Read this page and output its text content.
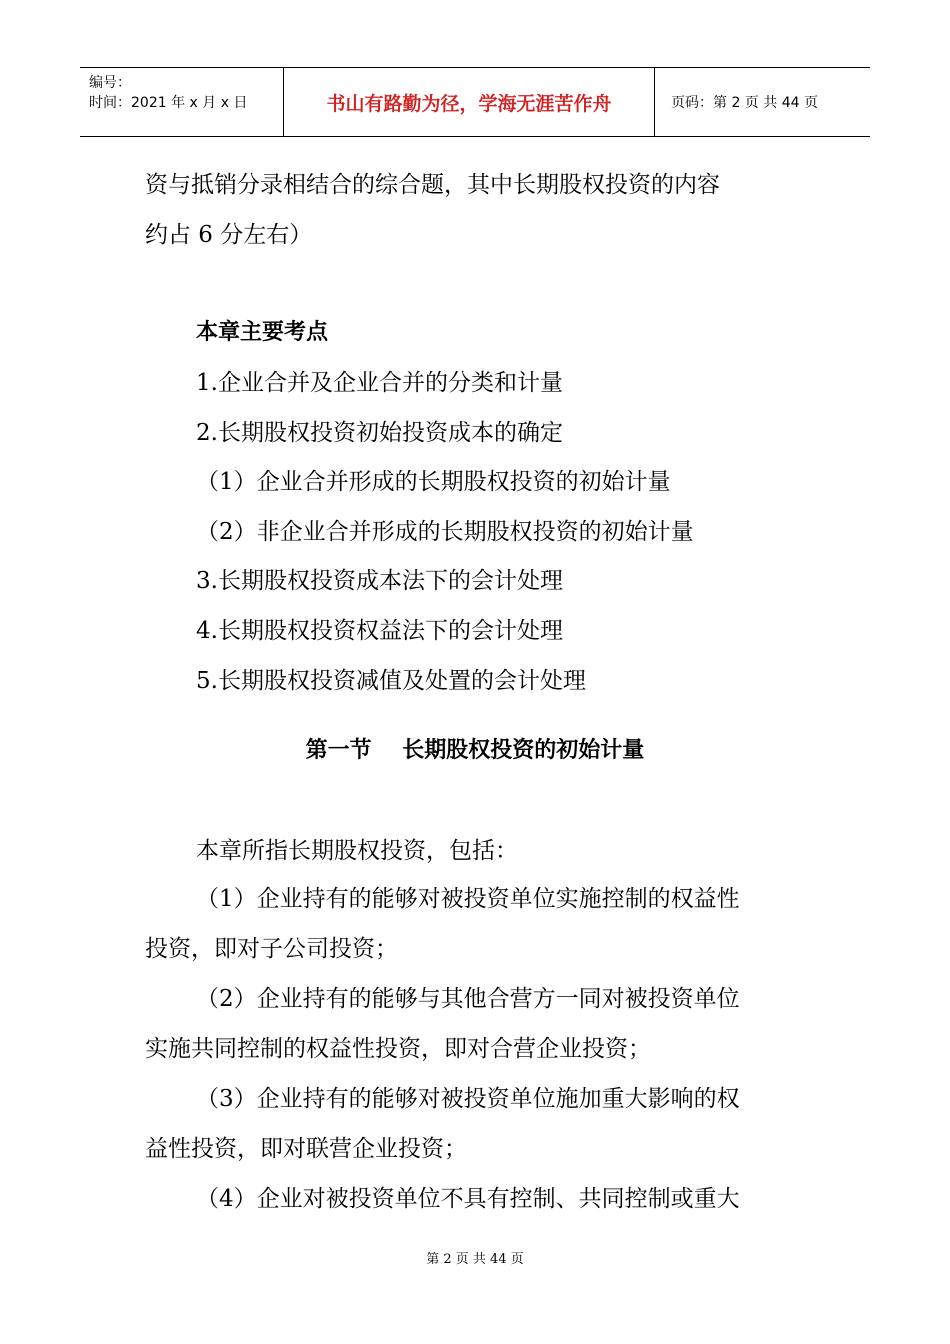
编号：
时间：2021 年 x 月 x 日	书山有路勤为径，学海无涯苦作舟	页码：第 2 页 共 44 页
资与抵销分录相结合的综合题，其中长期股权投资的内容
约占 6 分左右）
本章主要考点
1.企业合并及企业合并的分类和计量
2.长期股权投资初始投资成本的确定
（1）企业合并形成的长期股权投资的初始计量
（2）非企业合并形成的长期股权投资的初始计量
3.长期股权投资成本法下的会计处理
4.长期股权投资权益法下的会计处理
5.长期股权投资减值及处置的会计处理
第一节    长期股权投资的初始计量
本章所指长期股权投资，包括：
（1）企业持有的能够对被投资单位实施控制的权益性
投资，即对子公司投资；
（2）企业持有的能够与其他合营方一同对被投资单位
实施共同控制的权益性投资，即对合营企业投资；
（3）企业持有的能够对被投资单位施加重大影响的权
益性投资，即对联营企业投资；
（4）企业对被投资单位不具有控制、共同控制或重大
第 2 页 共 44 页
